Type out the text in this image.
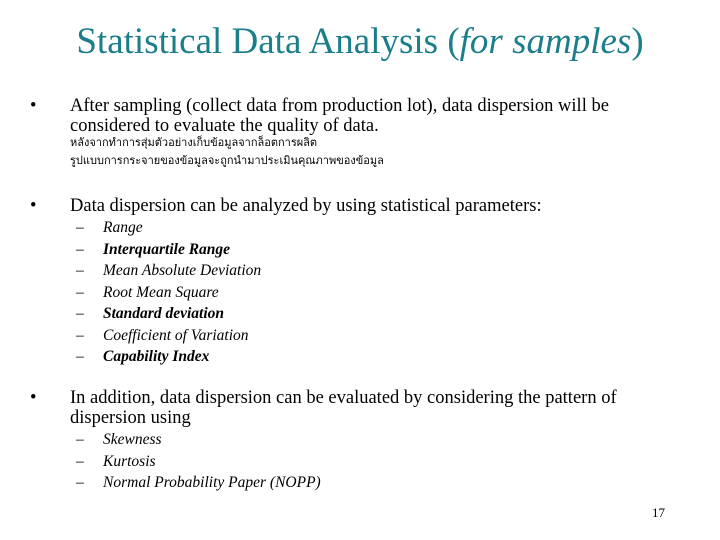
Statistical Data Analysis (for samples)
• After sampling (collect data from production lot), data dispersion will be
considered to evaluate the quality of data.
หลังจากทำการสุ่มตัวอย่างเก็บข้อมูลจากล็อตการผลิต
รูปแบบการกระจายของข้อมูลจะถูกนำมาประเมินคุณภาพของข้อมูล
• Data dispersion can be analyzed by using statistical parameters:
– Range
– Interquartile Range
– Mean Absolute Deviation
– Root Mean Square
– Standard deviation
– Coefficient of Variation
– Capability Index
• In addition, data dispersion can be evaluated by considering the pattern of
dispersion using
– Skewness
– Kurtosis
– Normal Probability Paper (NOPP)
17
